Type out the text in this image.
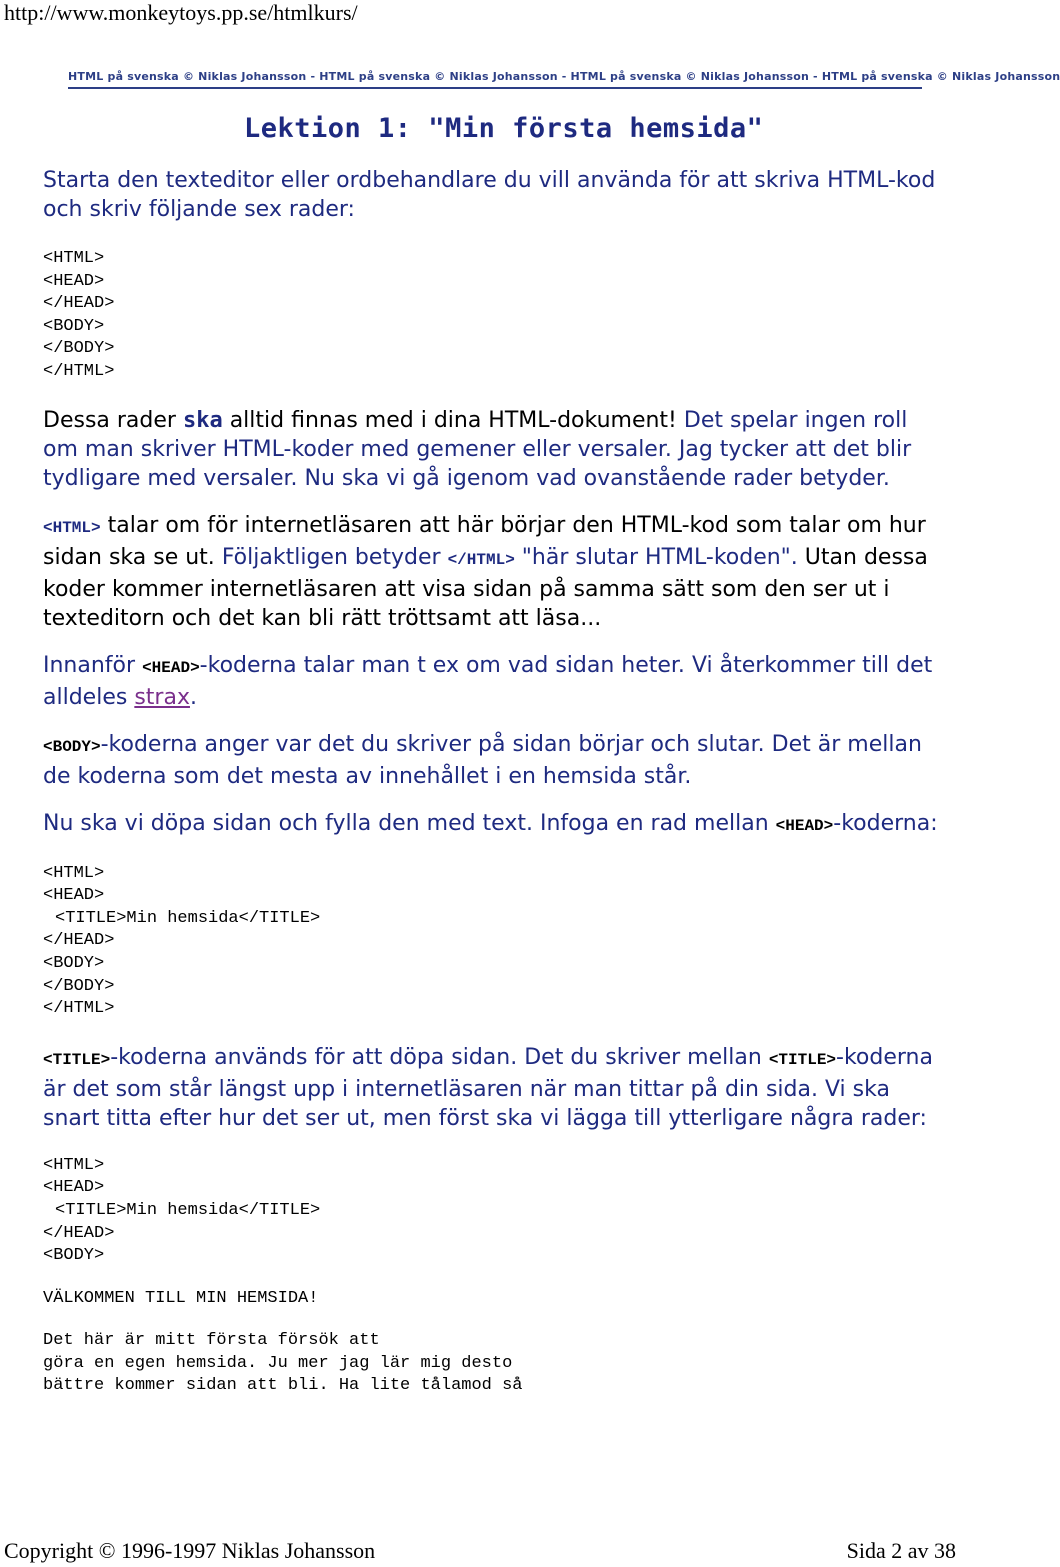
http://www.monkeytoys.pp.se/htmlkurs/
HTML på svenska © Niklas Johansson - HTML på svenska © Niklas Johansson - HTML på svenska © Niklas Johansson - HTML på svenska © Niklas Johansson
Lektion 1: "Min första hemsida"

Starta den texteditor eller ordbehandlare du vill använda för att skriva HTML-kod och skriv följande sex rader:

<HTML>
<HEAD>
</HEAD>
<BODY>
</BODY>
</HTML>

Dessa rader ska alltid finnas med i dina HTML-dokument! Det spelar ingen roll om man skriver HTML-koder med gemener eller versaler. Jag tycker att det blir tydligare med versaler. Nu ska vi gå igenom vad ovanstående rader betyder.

<HTML> talar om för internetläsaren att här börjar den HTML-kod som talar om hur sidan ska se ut. Följaktligen betyder </HTML> "här slutar HTML-koden". Utan dessa koder kommer internetläsaren att visa sidan på samma sätt som den ser ut i texteditorn och det kan bli rätt tröttsamt att läsa...

Innanför <HEAD>-koderna talar man t ex om vad sidan heter. Vi återkommer till det alldeles strax.

<BODY>-koderna anger var det du skriver på sidan börjar och slutar. Det är mellan de koderna som det mesta av innehållet i en hemsida står.

Nu ska vi döpa sidan och fylla den med text. Infoga en rad mellan <HEAD>-koderna:

<HTML>
<HEAD>
<TITLE>Min hemsida</TITLE>
</HEAD>
<BODY>
</BODY>
</HTML>

<TITLE>-koderna används för att döpa sidan. Det du skriver mellan <TITLE>-koderna är det som står längst upp i internetläsaren när man tittar på din sida. Vi ska snart titta efter hur det ser ut, men först ska vi lägga till ytterligare några rader:

<HTML>
<HEAD>
<TITLE>Min hemsida</TITLE>
</HEAD>
<BODY>
VÄLKOMMEN TILL MIN HEMSIDA!
Det här är mitt första försök att
göra en egen hemsida. Ju mer jag lär mig desto
bättre kommer sidan att bli. Ha lite tålamod så
Copyright © 1996-1997 Niklas Johansson	Sida 2 av 38
